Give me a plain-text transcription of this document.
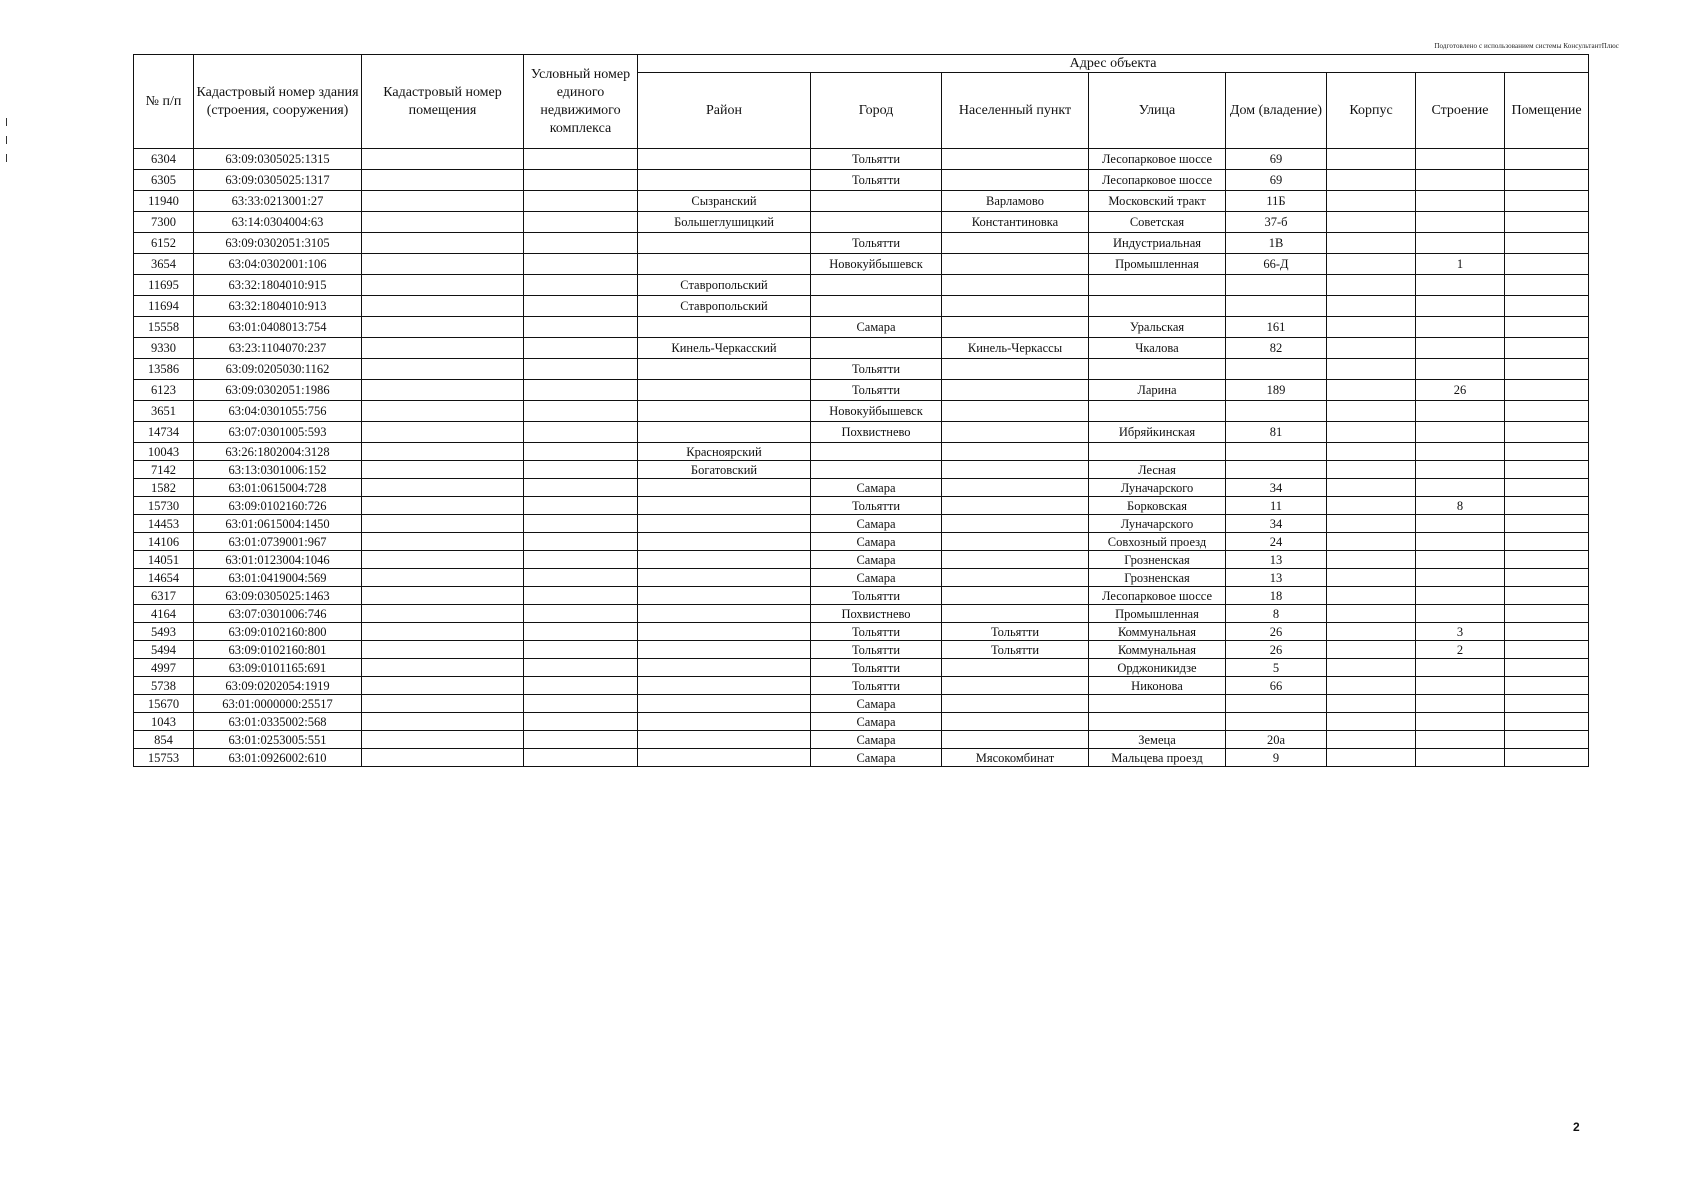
Подготовлено с использованием системы КонсультантПлюс
№ п/п	Кадастровый номер здания (строения, сооружения)	Кадастровый номер помещения	Условный номер единого недвижимого комплекса	Адрес объекта							
				Район	Город	Населенный пункт	Улица	Дом (владение)	Корпус	Строение	Помещение
6304	63:09:0305025:1315				Тольятти		Лесопарковое шоссе	69			
6305	63:09:0305025:1317				Тольятти		Лесопарковое шоссе	69			
11940	63:33:0213001:27			Сызранский		Варламово	Московский тракт	11Б			
7300	63:14:0304004:63			Большеглушицкий		Константиновка	Советская	37-б			
6152	63:09:0302051:3105				Тольятти		Индустриальная	1В			
3654	63:04:0302001:106				Новокуйбышевск		Промышленная	66-Д		1	
11695	63:32:1804010:915			Ставропольский							
11694	63:32:1804010:913			Ставропольский							
15558	63:01:0408013:754				Самара		Уральская	161			
9330	63:23:1104070:237			Кинель-Черкасский		Кинель-Черкассы	Чкалова	82			
13586	63:09:0205030:1162				Тольятти						
6123	63:09:0302051:1986				Тольятти		Ларина	189		26	
3651	63:04:0301055:756				Новокуйбышевск						
14734	63:07:0301005:593				Похвистнево		Ибряйкинская	81			
10043	63:26:1802004:3128			Красноярский							
7142	63:13:0301006:152			Богатовский			Лесная				
1582	63:01:0615004:728				Самара		Луначарского	34			
15730	63:09:0102160:726				Тольятти		Борковская	11		8	
14453	63:01:0615004:1450				Самара		Луначарского	34			
14106	63:01:0739001:967				Самара		Совхозный проезд	24			
14051	63:01:0123004:1046				Самара		Грозненская	13			
14654	63:01:0419004:569				Самара		Грозненская	13			
6317	63:09:0305025:1463				Тольятти		Лесопарковое шоссе	18			
4164	63:07:0301006:746				Похвистнево		Промышленная	8			
5493	63:09:0102160:800				Тольятти	Тольятти	Коммунальная	26		3	
5494	63:09:0102160:801				Тольятти	Тольятти	Коммунальная	26		2	
4997	63:09:0101165:691				Тольятти		Орджоникидзе	5			
5738	63:09:0202054:1919				Тольятти		Никонова	66			
15670	63:01:0000000:25517				Самара						
1043	63:01:0335002:568				Самара						
854	63:01:0253005:551				Самара		Земеца	20а			
15753	63:01:0926002:610				Самара	Мясокомбинат	Мальцева проезд	9			
2
